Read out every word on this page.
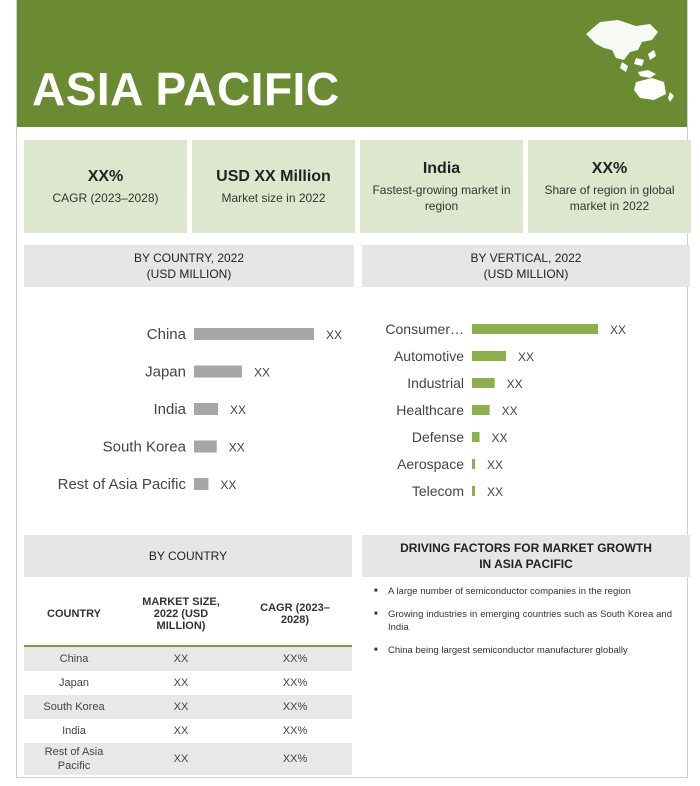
ASIA PACIFIC
XX%
CAGR (2023–2028)
USD XX Million
Market size in 2022
India
Fastest-growing market in region
XX%
Share of region in global market in 2022
BY COUNTRY, 2022 (USD MILLION)
BY VERTICAL, 2022 (USD MILLION)
China	XX
Japan	XX
India	XX
South Korea	XX
Rest of Asia Pacific	XX
Consumer…	XX
Automotive	XX
Industrial	XX
Healthcare	XX
Defense XX
Aerospace XX
Telecom XX
BY COUNTRY
DRIVING FACTORS FOR MARKET GROWTH IN ASIA PACIFIC
COUNTRY	MARKET SIZE, 2022 (USD MILLION)	CAGR (2023–2028)
China	XX	XX%
Japan	XX	XX%
South Korea	XX	XX%
India	XX	XX%
Rest of Asia Pacific	XX	XX%
■ A large number of semiconductor companies in the region
■ Growing industries in emerging countries such as South Korea and India
■ China being largest semiconductor manufacturer globally
